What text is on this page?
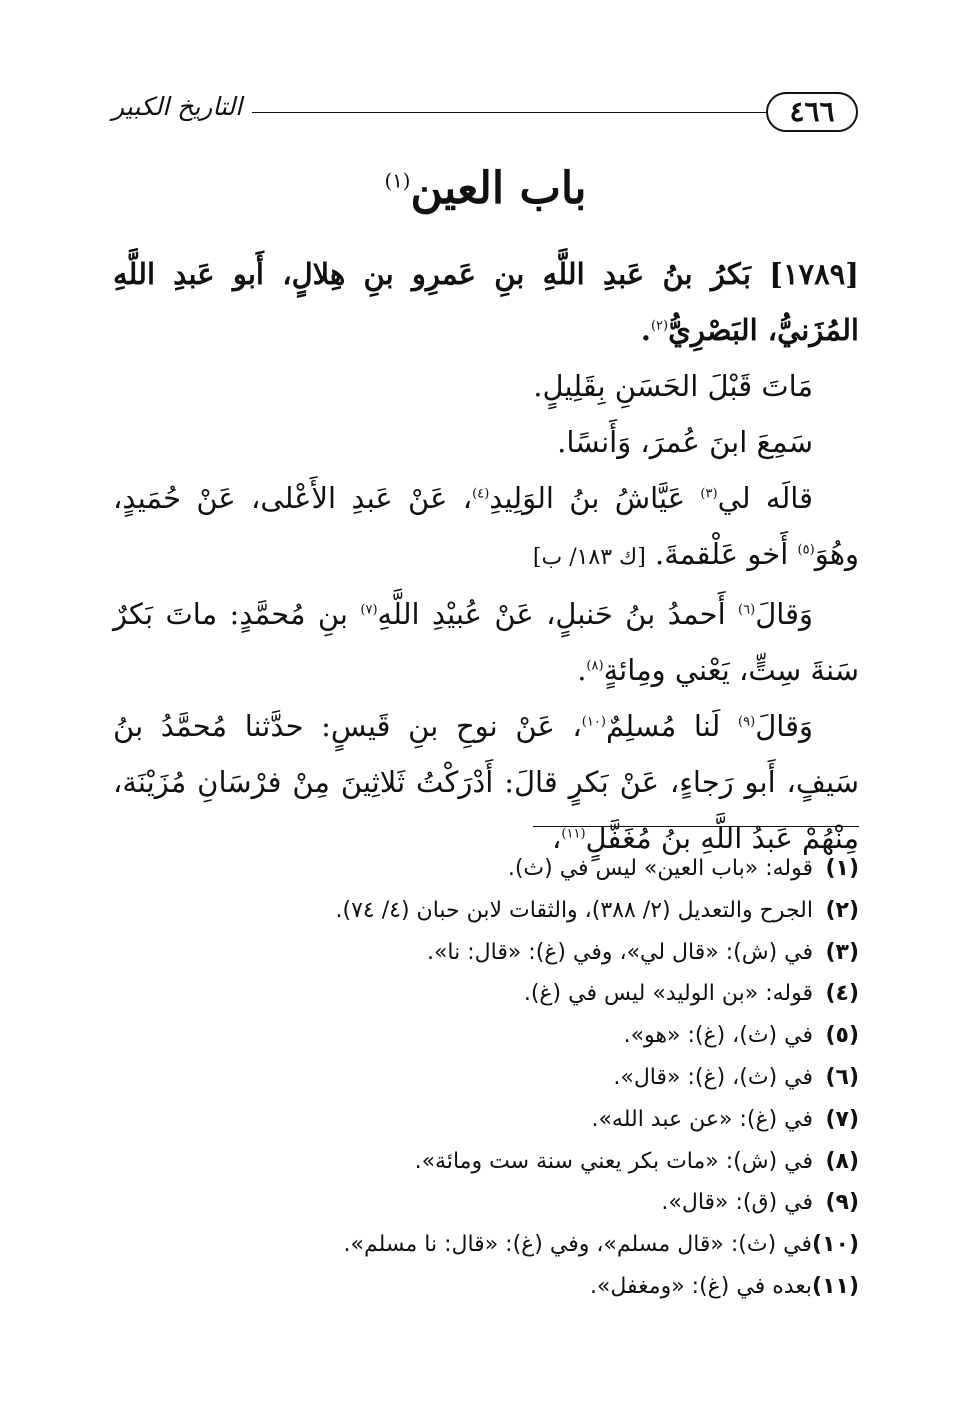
٤٦٦
التاريخ الكبير
باب العين$^{(١)}$

[١٧٨٩] بَكرُ بنُ عَبدِ اللَّهِ بنِ عَمرِو بنِ هِلالٍ، أَبو عَبدِ اللَّهِ المُزَنيُّ، البَصْرِيُّ$^{(٢)}$.

مَاتَ قَبْلَ الحَسَنِ بِقَلِيلٍ.

سَمِعَ ابنَ عُمرَ، وَأَنسًا.

قالَه لي$^{(٣)}$ عَيَّاشُ بنُ الوَلِيدِ$^{(٤)}$، عَنْ عَبدِ الأَعْلى، عَنْ حُمَيدٍ، وهُوَ$^{(٥)}$ أَخو عَلْقمةَ. [ك ١٨٣/ ب]

وَقالَ$^{(٦)}$ أَحمدُ بنُ حَنبلٍ، عَنْ عُبيْدِ اللَّهِ$^{(٧)}$ بنِ مُحمَّدٍ: ماتَ بَكرٌ سَنةَ سِتٍّ، يَعْني ومِائةٍ$^{(٨)}$.

وَقالَ$^{(٩)}$ لَنا مُسلِمٌ$^{(١٠)}$، عَنْ نوحِ بنِ قَيسٍ: حدَّثنا مُحمَّدُ بنُ سَيفٍ، أَبو رَجاءٍ، عَنْ بَكرٍ قالَ: أَدْرَكْتُ ثَلاثِينَ مِنْ فرْسَانِ مُزَيْنَة، مِنْهُمْ عَبدُ اللَّهِ بنُ مُغَفَّلٍ$^{(١١)}$،

(١)قوله: «باب العين» ليس في (ث).
(٢)الجرح والتعديل (٢/ ٣٨٨)، والثقات لابن حبان (٤/ ٧٤).
(٣)في (ش): «قال لي»، وفي (غ): «قال: نا».
(٤)قوله: «بن الوليد» ليس في (غ).
(٥)في (ث)، (غ): «هو».
(٦)في (ث)، (غ): «قال».
(٧)في (غ): «عن عبد الله».
(٨)في (ش): «مات بكر يعني سنة ست ومائة».
(٩)في (ق): «قال».
(١٠)في (ث): «قال مسلم»، وفي (غ): «قال: نا مسلم».
(١١)بعده في (غ): «ومغفل».
